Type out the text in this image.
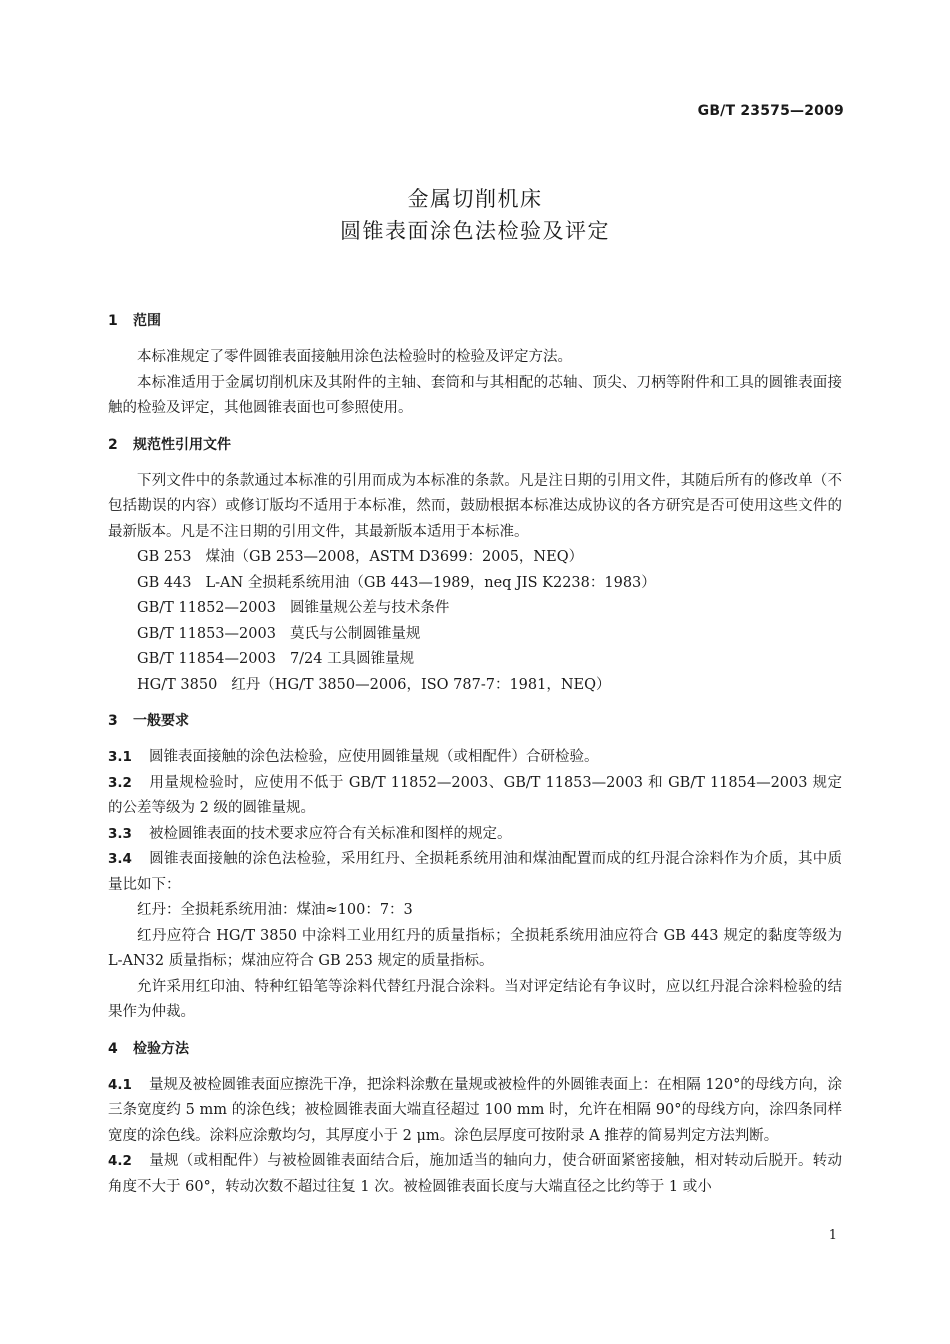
GB/T 23575—2009
金属切削机床
圆锥表面涂色法检验及评定
1 范围

本标准规定了零件圆锥表面接触用涂色法检验时的检验及评定方法。

本标准适用于金属切削机床及其附件的主轴、套筒和与其相配的芯轴、顶尖、刀柄等附件和工具的圆锥表面接触的检验及评定，其他圆锥表面也可参照使用。

2 规范性引用文件

下列文件中的条款通过本标准的引用而成为本标准的条款。凡是注日期的引用文件，其随后所有的修改单（不包括勘误的内容）或修订版均不适用于本标准，然而，鼓励根据本标准达成协议的各方研究是否可使用这些文件的最新版本。凡是不注日期的引用文件，其最新版本适用于本标准。

GB 253 煤油（GB 253—2008，ASTM D3699：2005，NEQ）

GB 443 L-AN 全损耗系统用油（GB 443—1989，neq JIS K2238：1983）

GB/T 11852—2003 圆锥量规公差与技术条件

GB/T 11853—2003 莫氏与公制圆锥量规

GB/T 11854—2003 7/24 工具圆锥量规

HG/T 3850 红丹（HG/T 3850—2006，ISO 787-7：1981，NEQ）

3 一般要求

3.1 圆锥表面接触的涂色法检验，应使用圆锥量规（或相配件）合研检验。

3.2 用量规检验时，应使用不低于 GB/T 11852—2003、GB/T 11853—2003 和 GB/T 11854—2003 规定的公差等级为 2 级的圆锥量规。

3.3 被检圆锥表面的技术要求应符合有关标准和图样的规定。

3.4 圆锥表面接触的涂色法检验，采用红丹、全损耗系统用油和煤油配置而成的红丹混合涂料作为介质，其中质量比如下：

红丹：全损耗系统用油：煤油≈100：7：3

红丹应符合 HG/T 3850 中涂料工业用红丹的质量指标；全损耗系统用油应符合 GB 443 规定的黏度等级为 L-AN32 质量指标；煤油应符合 GB 253 规定的质量指标。

允许采用红印油、特种红铅笔等涂料代替红丹混合涂料。当对评定结论有争议时，应以红丹混合涂料检验的结果作为仲裁。

4 检验方法

4.1 量规及被检圆锥表面应擦洗干净，把涂料涂敷在量规或被检件的外圆锥表面上：在相隔 120°的母线方向，涂三条宽度约 5 mm 的涂色线；被检圆锥表面大端直径超过 100 mm 时，允许在相隔 90°的母线方向，涂四条同样宽度的涂色线。涂料应涂敷均匀，其厚度小于 2 μm。涂色层厚度可按附录 A 推荐的简易判定方法判断。

4.2 量规（或相配件）与被检圆锥表面结合后，施加适当的轴向力，使合研面紧密接触，相对转动后脱开。转动角度不大于 60°，转动次数不超过往复 1 次。被检圆锥表面长度与大端直径之比约等于 1 或小

1
